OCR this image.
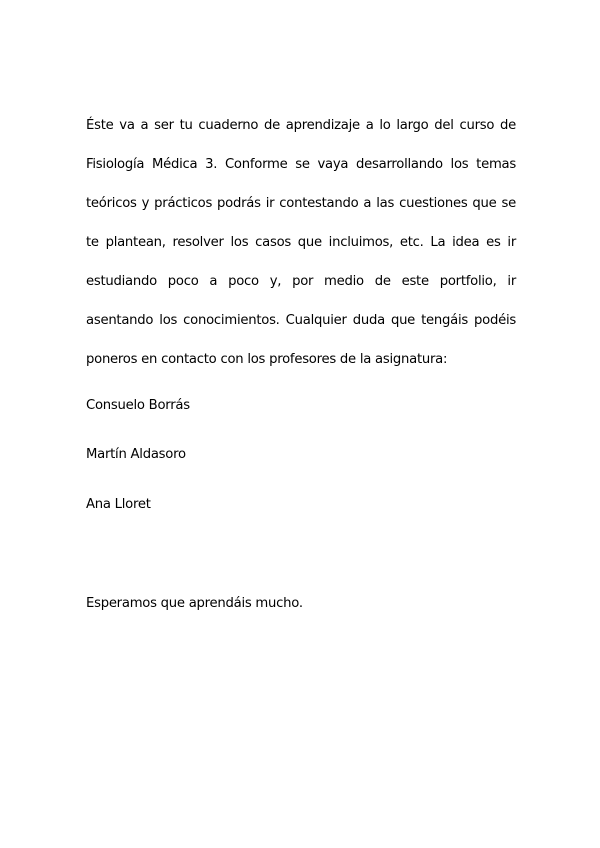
Éste va a ser tu cuaderno de aprendizaje a lo largo del curso de
Fisiología Médica 3. Conforme se vaya desarrollando los temas
teóricos y prácticos podrás ir contestando a las cuestiones que se
te plantean, resolver los casos que incluimos, etc. La idea es ir
estudiando poco a poco y, por medio de este portfolio, ir
asentando los conocimientos. Cualquier duda que tengáis podéis
poneros en contacto con los profesores de la asignatura:
Consuelo Borrás
Martín Aldasoro
Ana Lloret
Esperamos que aprendáis mucho.
